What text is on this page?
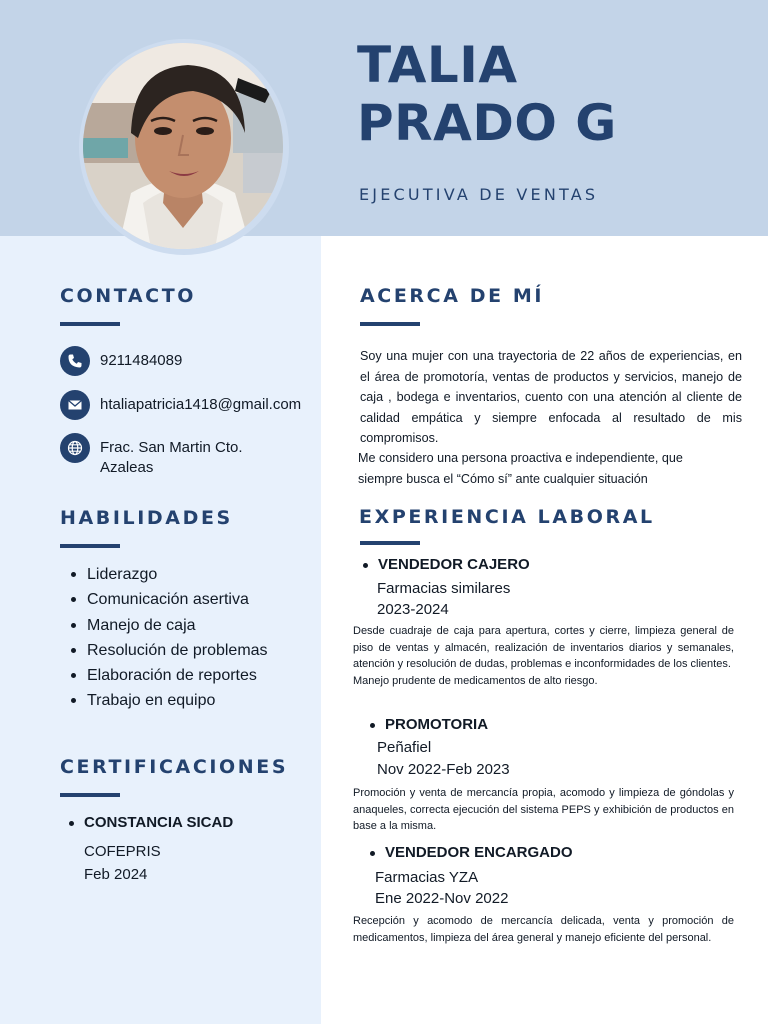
TALIA
PRADO G
EJECUTIVA DE VENTAS
CONTACTO
9211484089
htaliapatricia1418@gmail.com
Frac. San Martin Cto.
Azaleas
HABILIDADES
Liderazgo
Comunicación asertiva
Manejo de caja
Resolución de problemas
Elaboración de reportes
Trabajo en equipo
CERTIFICACIONES
CONSTANCIA SICAD
COFEPRIS
Feb 2024
ACERCA DE MÍ
Soy una mujer con una trayectoria de 22 años de experiencias, en el área de promotoría, ventas de productos y servicios, manejo de caja , bodega e inventarios, cuento con una atención al cliente de calidad empática y siempre enfocada al resultado de mis compromisos.
Me considero una persona proactiva e independiente, que siempre busca el “Cómo sí” ante cualquier situación
EXPERIENCIA LABORAL
VENDEDOR CAJERO
Farmacias similares
2023-2024

Desde cuadraje de caja para apertura, cortes y cierre, limpieza general de piso de ventas y almacén, realización de inventarios diarios y semanales, atención y resolución de dudas, problemas e inconformidades de los clientes.

Manejo prudente de medicamentos de alto riesgo.

PROMOTORIA
Peñafiel
Nov 2022-Feb 2023

Promoción y venta de mercancía propia, acomodo y limpieza de góndolas y anaqueles, correcta ejecución del sistema PEPS y exhibición de productos en base a la misma.

VENDEDOR ENCARGADO
Farmacias YZA
Ene 2022-Nov 2022

Recepción y acomodo de mercancía delicada, venta y promoción de medicamentos, limpieza del área general y manejo eficiente del personal.
